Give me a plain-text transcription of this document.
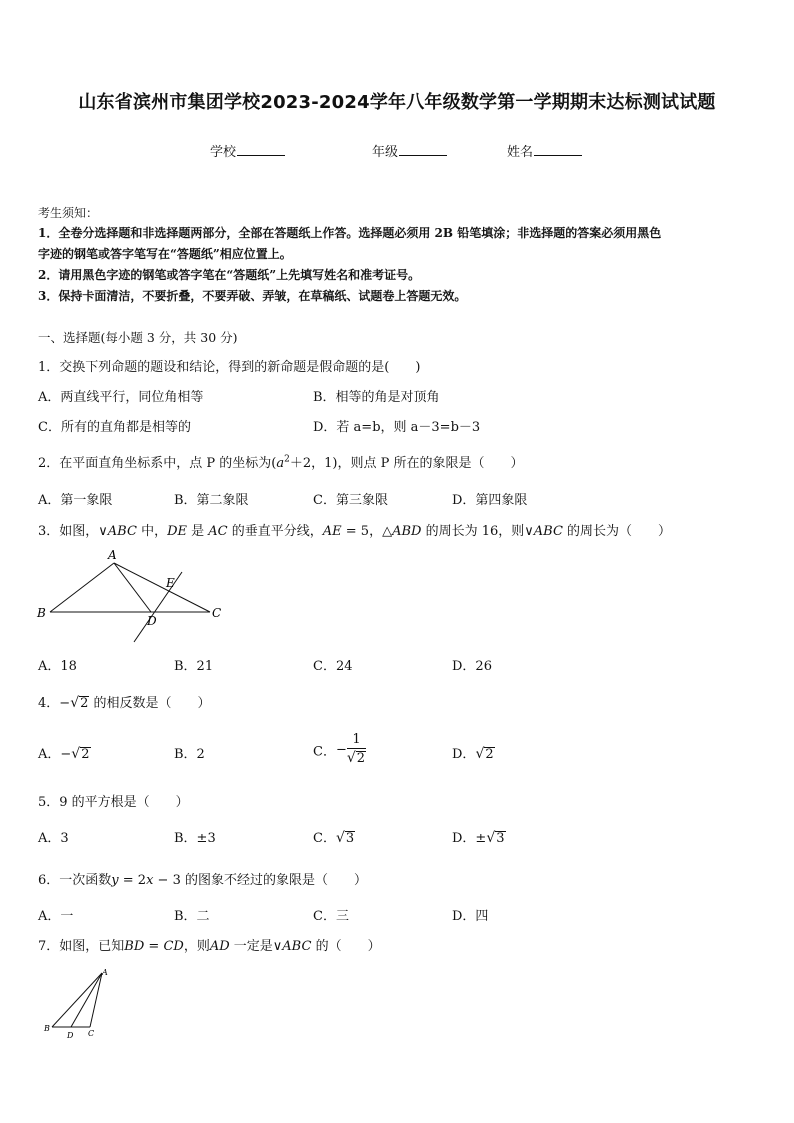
山东省滨州市集团学校2023-2024学年八年级数学第一学期期末达标测试试题
学校	年级	姓名
考生须知：
1．全卷分选择题和非选择题两部分，全部在答题纸上作答。选择题必须用 2B 铅笔填涂；非选择题的答案必须用黑色
字迹的钢笔或答字笔写在“答题纸”相应位置上。
2．请用黑色字迹的钢笔或答字笔在“答题纸”上先填写姓名和准考证号。
3．保持卡面清洁，不要折叠，不要弄破、弄皱，在草稿纸、试题卷上答题无效。
一、选择题(每小题 3 分，共 30 分)
1．交换下列命题的题设和结论，得到的新命题是假命题的是(　　)
A．两直线平行，同位角相等	B．相等的角是对顶角
C．所有的直角都是相等的	D．若 a=b，则 a－3=b－3
2．在平面直角坐标系中，点 P 的坐标为($a^2+2$，1)，则点 P 所在的象限是（　　）
A．第一象限	B．第二象限	C．第三象限	D．第四象限
3．如图，∨ABC 中，DE 是 AC 的垂直平分线，AE = 5，△ABD 的周长为 16，则∨ABC 的周长为（　　）
A
B	C
D
E
A．18	B．21	C．24	D．26
4．−√2 的相反数是（　　）
A．−√2	B．2	C．− $\frac{1}{√2}$	D．√2
5．9 的平方根是（　　）
A．3	B．±3	C．√3	D．±√3
6．一次函数y = 2x − 3 的图象不经过的象限是（　　）
A．一	B．二	C．三	D．四
7．如图，已知BD = CD，则AD 一定是∨ABC 的（　　）
A
B
C
D
